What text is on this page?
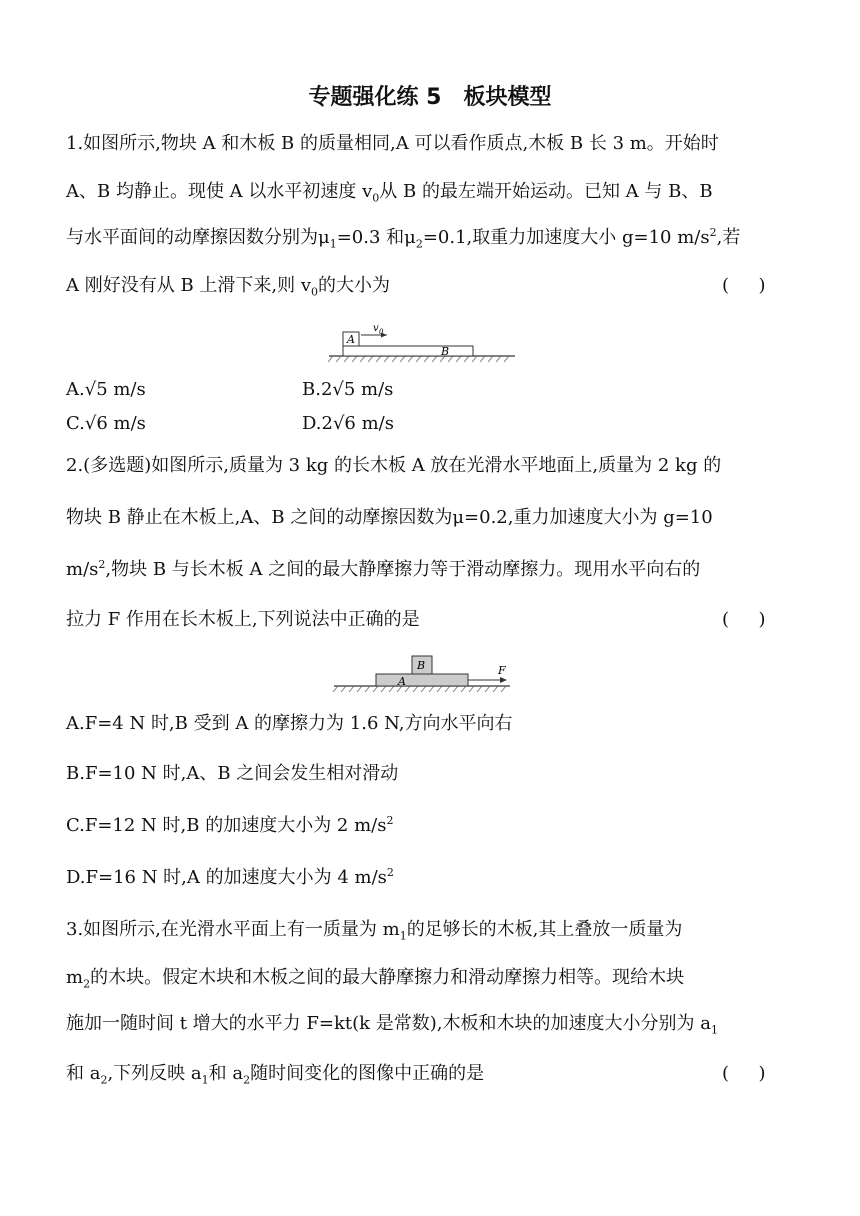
专题强化练 5　板块模型
1.如图所示,物块 A 和木板 B 的质量相同,A 可以看作质点,木板 B 长 3 m。开始时
A、B 均静止。现使 A 以水平初速度 $v_0$从 B 的最左端开始运动。已知 A 与 B、B
与水平面间的动摩擦因数分别为$\mu_1=0.3$ 和$\mu_2=0.1$,取重力加速度大小 g=10 $m/s^2$,若
A 刚好没有从 B 上滑下来,则 $v_0$的大小为	(　  )
A
B
v 0
A.√5 m/s	B.2√5 m/s
C.√6 m/s	D.2√6 m/s
2.(多选题)如图所示,质量为 3 kg 的长木板 A 放在光滑水平地面上,质量为 2 kg 的
物块 B 静止在木板上,A、B 之间的动摩擦因数为μ=0.2,重力加速度大小为 g=10
$m/s^2$,物块 B 与长木板 A 之间的最大静摩擦力等于滑动摩擦力。现用水平向右的
拉力 F 作用在长木板上,下列说法中正确的是	(　  )
B
A
F
A.F=4 N 时,B 受到 A 的摩擦力为 1.6 N,方向水平向右
B.F=10 N 时,A、B 之间会发生相对滑动
C.F=12 N 时,B 的加速度大小为 2 $m/s^2$
D.F=16 N 时,A 的加速度大小为 4 $m/s^2$
3.如图所示,在光滑水平面上有一质量为 $m_1$的足够长的木板,其上叠放一质量为
$m_2$的木块。假定木块和木板之间的最大静摩擦力和滑动摩擦力相等。现给木块
施加一随时间 t 增大的水平力 F=kt(k 是常数),木板和木块的加速度大小分别为 $a_1$
和 $a_2$,下列反映 $a_1$和 $a_2$随时间变化的图像中正确的是	(　  )
